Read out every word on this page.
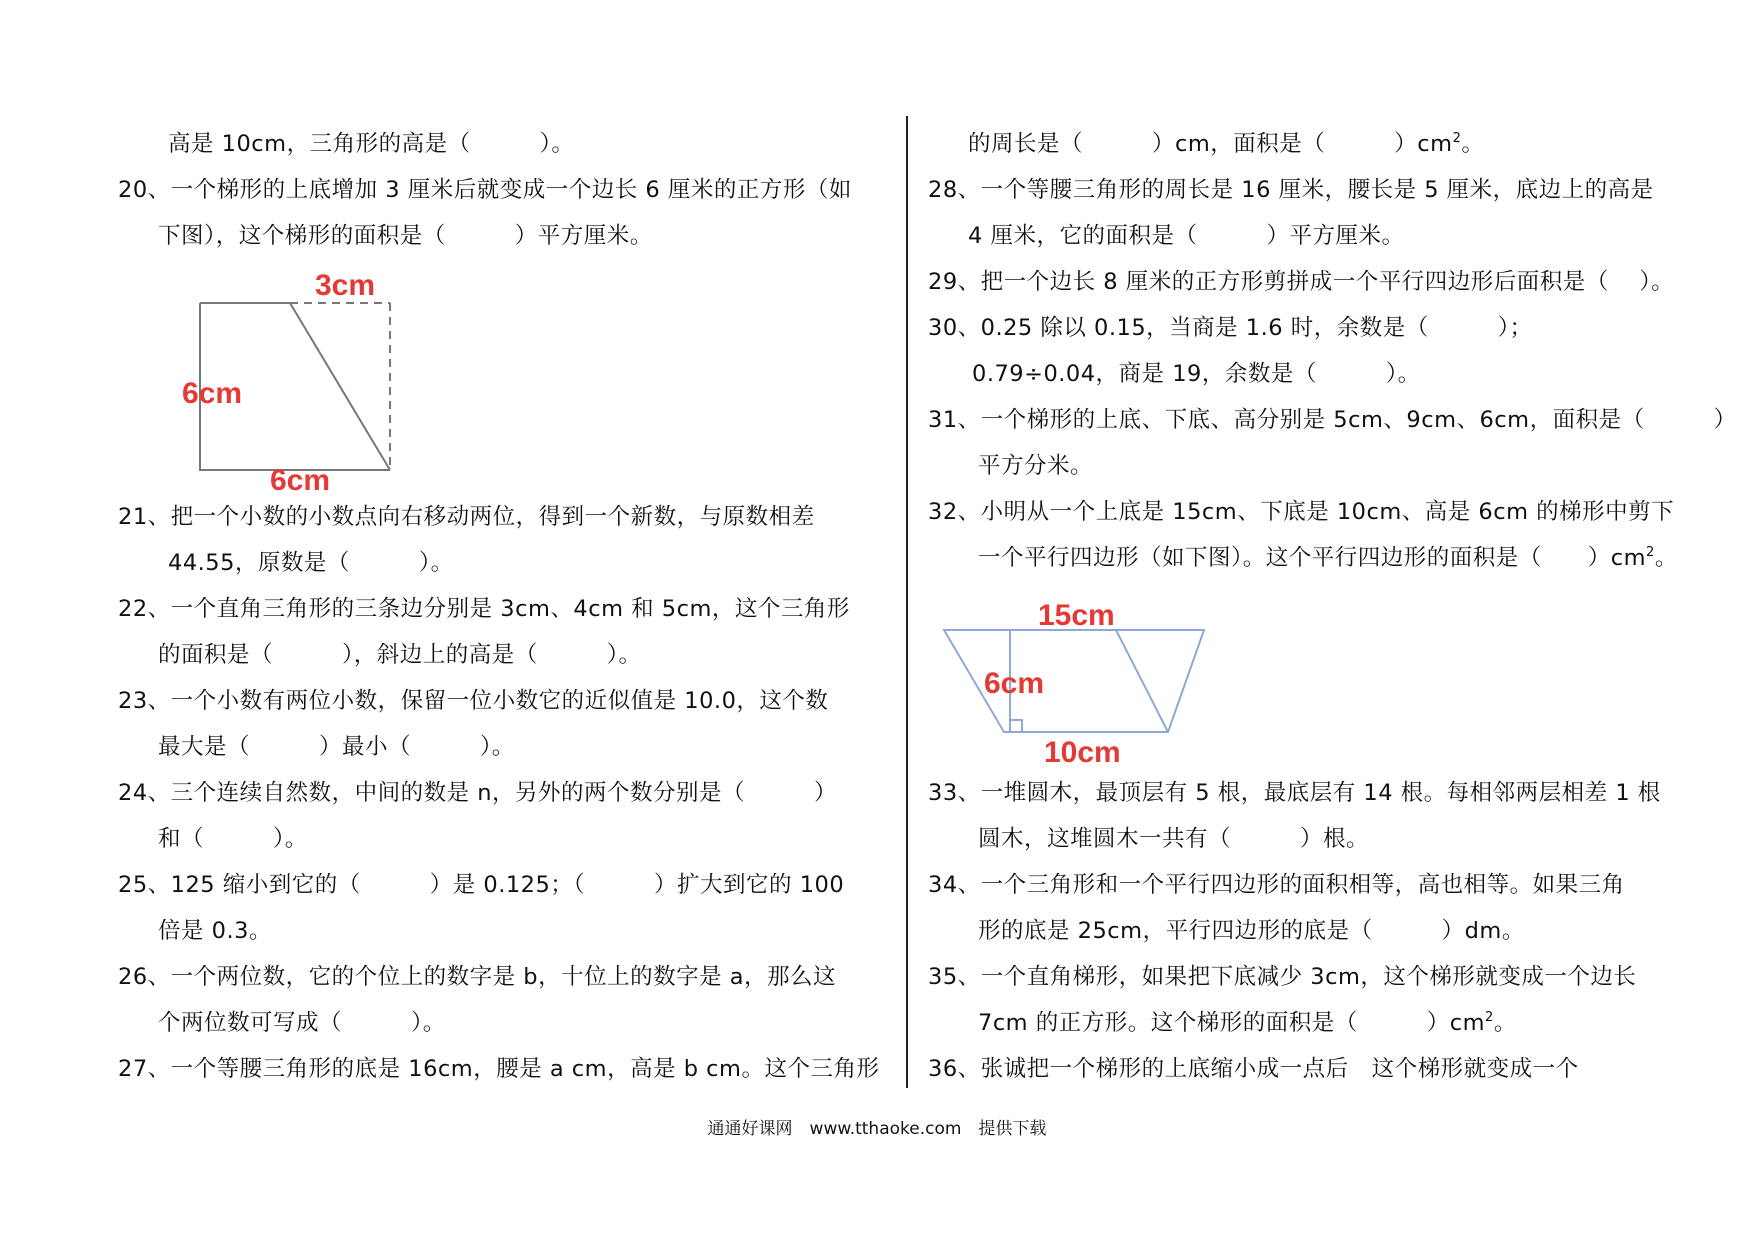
高是 10cm，三角形的高是（　　　）。
20、一个梯形的上底增加 3 厘米后就变成一个边长 6 厘米的正方形（如
下图），这个梯形的面积是（　　　）平方厘米。
3cm
6cm
6cm
21、把一个小数的小数点向右移动两位，得到一个新数，与原数相差
44.55，原数是（　　　）。
22、一个直角三角形的三条边分别是 3cm、4cm 和 5cm，这个三角形
的面积是（　　　），斜边上的高是（　　　）。
23、一个小数有两位小数，保留一位小数它的近似值是 10.0，这个数
最大是（　　　）最小（　　　）。
24、三个连续自然数，中间的数是 n，另外的两个数分别是（　　　）
和（　　　）。
25、125 缩小到它的（　　　）是 0.125；（　　　）扩大到它的 100
倍是 0.3。
26、一个两位数，它的个位上的数字是 b，十位上的数字是 a，那么这
个两位数可写成（　　　）。
27、一个等腰三角形的底是 16cm，腰是 a cm，高是 b cm。这个三角形
的周长是（　　　）cm，面积是（　　　）$cm^2$。
28、一个等腰三角形的周长是 16 厘米，腰长是 5 厘米，底边上的高是
4 厘米，它的面积是（　　　）平方厘米。
29、把一个边长 8 厘米的正方形剪拼成一个平行四边形后面积是（　 ）。
30、0.25 除以 0.15，当商是 1.6 时，余数是（　　　）；
0.79÷0.04，商是 19，余数是（　　　）。
31、一个梯形的上底、下底、高分别是 5cm、9cm、6cm，面积是（　　　）
平方分米。
32、小明从一个上底是 15cm、下底是 10cm、高是 6cm 的梯形中剪下
一个平行四边形（如下图）。这个平行四边形的面积是（　　）$cm^2$。
15cm
6cm
10cm
33、一堆圆木，最顶层有 5 根，最底层有 14 根。每相邻两层相差 1 根
圆木，这堆圆木一共有（　　　）根。
34、一个三角形和一个平行四边形的面积相等，高也相等。如果三角
形的底是 25cm，平行四边形的底是（　　　）dm。
35、一个直角梯形，如果把下底减少 3cm，这个梯形就变成一个边长
7cm 的正方形。这个梯形的面积是（　　　）$cm^2$。
36、张诚把一个梯形的上底缩小成一点后　这个梯形就变成一个
通通好课网　www.tthaoke.com　提供下载
